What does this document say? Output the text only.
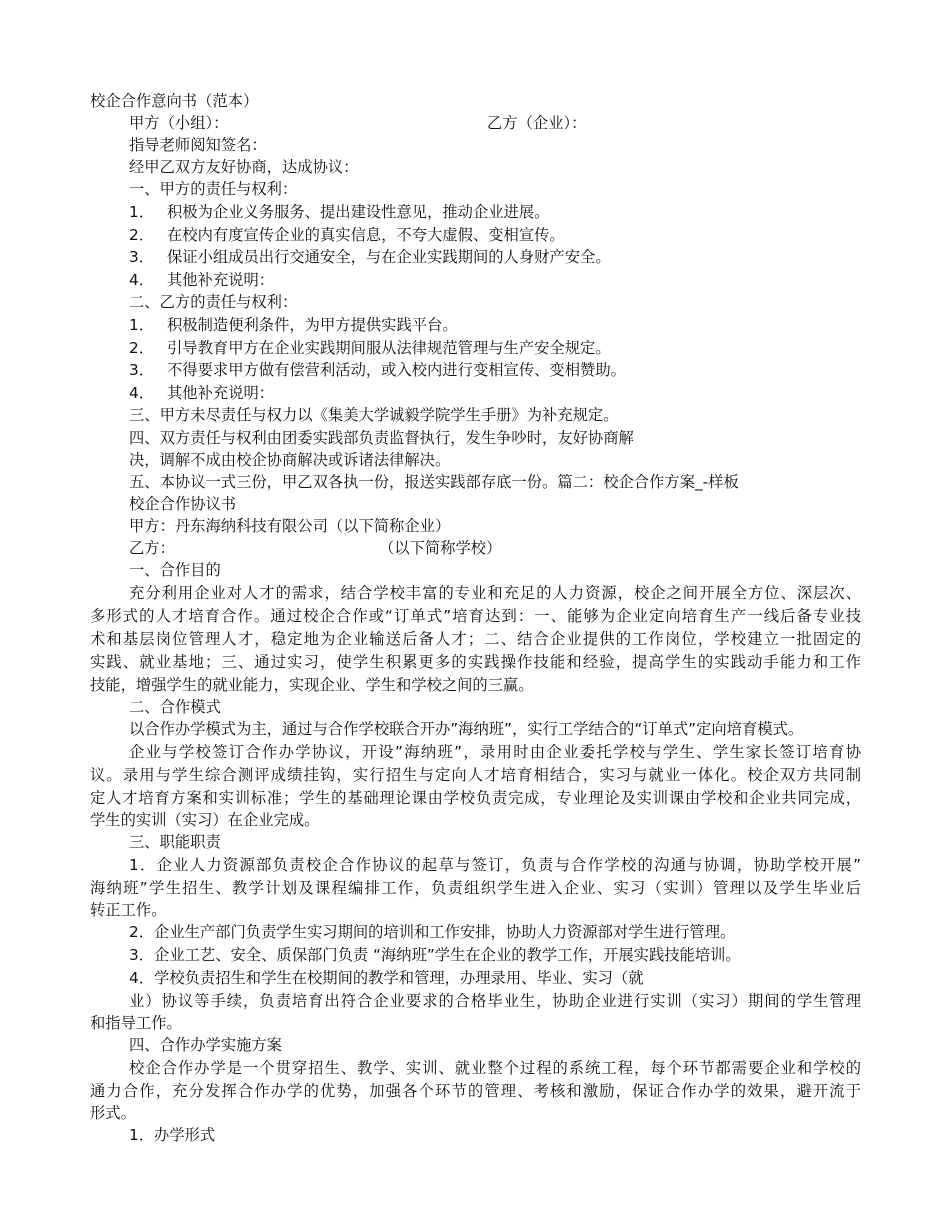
校企合作意向书（范本）
甲方（小组）：	乙方（企业）：
指导老师阅知签名：
经甲乙双方友好协商，达成协议：
一、甲方的责任与权利：
1． 积极为企业义务服务、提出建设性意见，推动企业进展。
2． 在校内有度宣传企业的真实信息，不夸大虚假、变相宣传。
3． 保证小组成员出行交通安全，与在企业实践期间的人身财产安全。
4． 其他补充说明：
二、乙方的责任与权利：
1． 积极制造便利条件，为甲方提供实践平台。
2． 引导教育甲方在企业实践期间服从法律规范管理与生产安全规定。
3． 不得要求甲方做有偿营利活动，或入校内进行变相宣传、变相赞助。
4． 其他补充说明：
三、甲方未尽责任与权力以《集美大学诚毅学院学生手册》为补充规定。
四、双方责任与权利由团委实践部负责监督执行，发生争吵时，友好协商解
决，调解不成由校企协商解决或诉诸法律解决。
五、本协议一式三份，甲乙双各执一份，报送实践部存底一份。篇二：校企合作方案_-样板
校企合作协议书
甲方：丹东海纳科技有限公司（以下简称企业）
乙方：	（以下简称学校）
一、合作目的
充分利用企业对人才的需求，结合学校丰富的专业和充足的人力资源，校企之间开展全方位、深层次、
多形式的人才培育合作。通过校企合作或“订单式”培育达到：一、能够为企业定向培育生产一线后备专业技
术和基层岗位管理人才，稳定地为企业输送后备人才；二、结合企业提供的工作岗位，学校建立一批固定的
实践、就业基地；三、通过实习，使学生积累更多的实践操作技能和经验，提高学生的实践动手能力和工作
技能，增强学生的就业能力，实现企业、学生和学校之间的三赢。
二、合作模式
以合作办学模式为主，通过与合作学校联合开办”海纳班”，实行工学结合的“订单式”定向培育模式。
企业与学校签订合作办学协议，开设”海纳班”，录用时由企业委托学校与学生、学生家长签订培育协
议。录用与学生综合测评成绩挂钩，实行招生与定向人才培育相结合，实习与就业一体化。校企双方共同制
定人才培育方案和实训标准；学生的基础理论课由学校负责完成，专业理论及实训课由学校和企业共同完成，
学生的实训（实习）在企业完成。
三、职能职责
1．企业人力资源部负责校企合作协议的起草与签订，负责与合作学校的沟通与协调，协助学校开展”
海纳班”学生招生、教学计划及课程编排工作，负责组织学生进入企业、实习（实训）管理以及学生毕业后
转正工作。
2．企业生产部门负责学生实习期间的培训和工作安排，协助人力资源部对学生进行管理。
3．企业工艺、安全、质保部门负责 “海纳班”学生在企业的教学工作，开展实践技能培训。
4．学校负责招生和学生在校期间的教学和管理，办理录用、毕业、实习（就
业）协议等手续，负责培育出符合企业要求的合格毕业生，协助企业进行实训（实习）期间的学生管理
和指导工作。
四、合作办学实施方案
校企合作办学是一个贯穿招生、教学、实训、就业整个过程的系统工程，每个环节都需要企业和学校的
通力合作，充分发挥合作办学的优势，加强各个环节的管理、考核和激励，保证合作办学的效果，避开流于
形式。
1．办学形式
